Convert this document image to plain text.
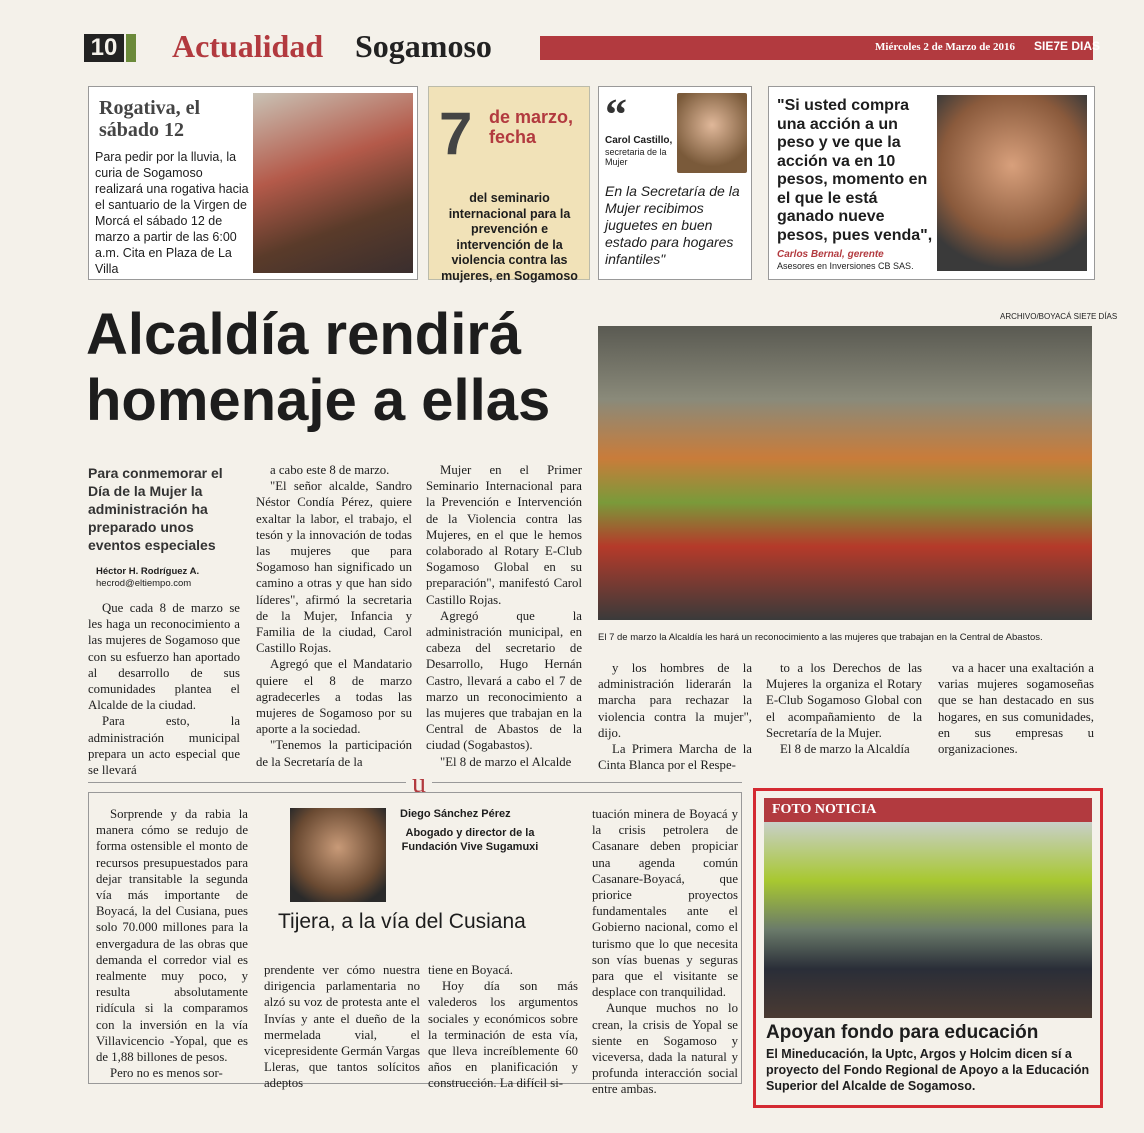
10 Actualidad Sogamoso	Miércoles 2 de Marzo de 2016 SIE7E DIAS
Rogativa, el sábado 12
Para pedir por la lluvia, la curia de Sogamoso realizará una rogativa hacia el santuario de la Virgen de Morcá el sábado 12 de marzo a partir de las 6:00 a.m. Cita en Plaza de La Villa
7 de marzo, fecha
del seminario internacional para la prevención e intervención de la violencia contra las mujeres, en Sogamoso
“
Carol Castillo,
secretaria de la Mujer
En la Secretaría de la Mujer recibimos juguetes en buen estado para hogares infantiles"
"Si usted compra una acción a un peso y ve que la acción va en 10 pesos, momento en el que le está ganado nueve pesos, pues venda",
Carlos Bernal, gerente
Asesores en Inversiones CB SAS.
Alcaldía rendirá
homenaje a ellas
ARCHIVO/BOYACÁ SIE7E DÍAS
El 7 de marzo la Alcaldía les hará un reconocimiento a las mujeres que trabajan en la Central de Abastos.
Para conmemorar el Día de la Mujer la administración ha preparado unos eventos especiales
Héctor H. Rodríguez A.
hecrod@eltiempo.com

Que cada 8 de marzo se les haga un reconocimiento a las mujeres de Sogamoso que con su esfuerzo han aportado al desarrollo de sus comunidades plantea el Alcalde de la ciudad.

Para esto, la administración municipal prepara un acto especial que se llevará

a cabo este 8 de marzo.

"El señor alcalde, Sandro Néstor Condía Pérez, quiere exaltar la labor, el trabajo, el tesón y la innovación de todas las mujeres que para Sogamoso han significado un camino a otras y que han sido líderes", afirmó la secretaria de la Mujer, Infancia y Familia de la ciudad, Carol Castillo Rojas.

Agregó que el Mandatario quiere el 8 de marzo agradecerles a todas las mujeres de Sogamoso por su aporte a la sociedad.

"Tenemos la participación de la Secretaría de la

Mujer en el Primer Seminario Internacional para la Prevención e Intervención de la Violencia contra las Mujeres, en el que le hemos colaborado al Rotary E-Club Sogamoso Global en su preparación", manifestó Carol Castillo Rojas.

Agregó que la administración municipal, en cabeza del secretario de Desarrollo, Hugo Hernán Castro, llevará a cabo el 7 de marzo un reconocimiento a las mujeres que trabajan en la Central de Abastos de la ciudad (Sogabastos).

"El 8 de marzo el Alcalde

y los hombres de la administración liderarán la marcha para rechazar la violencia contra la mujer", dijo.

La Primera Marcha de la Cinta Blanca por el Respe-

to a los Derechos de las Mujeres la organiza el Rotary E-Club Sogamoso Global con el acompañamiento de la Secretaría de la Mujer.

El 8 de marzo la Alcaldía

va a hacer una exaltación a varias mujeres sogamoseñas que se han destacado en sus hogares, en sus comunidades, en sus empresas u organizaciones.

u

Sorprende y da rabia la manera cómo se redujo de forma ostensible el monto de recursos presupuestados para dejar transitable la segunda vía más importante de Boyacá, la del Cusiana, pues solo 70.000 millones para la envergadura de las obras que demanda el corredor vial es realmente muy poco, y resulta absolutamente ridícula si la comparamos con la inversión en la vía Villavicencio -Yopal, que es de 1,88 billones de pesos.

Pero no es menos sor-

Diego Sánchez Pérez
Abogado y director de la Fundación Vive Sugamuxi
Tijera, a la vía del Cusiana

prendente ver cómo nuestra dirigencia parlamentaria no alzó su voz de protesta ante el Invías y ante el dueño de la mermelada vial, el vicepresidente Germán Vargas Lleras, que tantos solícitos adeptos

tiene en Boyacá.

Hoy día son más valederos los argumentos sociales y económicos sobre la terminación de esta vía, que lleva increíblemente 60 años en planificación y construcción. La difícil si-

tuación minera de Boyacá y la crisis petrolera de Casanare deben propiciar una agenda común Casanare-Boyacá, que priorice proyectos fundamentales ante el Gobierno nacional, como el turismo que lo que necesita son vías buenas y seguras para que el visitante se desplace con tranquilidad.

Aunque muchos no lo crean, la crisis de Yopal se siente en Sogamoso y viceversa, dada la natural y profunda interacción social entre ambas.

FOTO NOTICIA
Apoyan fondo para educación
El Mineducación, la Uptc, Argos y Holcim dicen sí a proyecto del Fondo Regional de Apoyo a la Educación Superior del Alcalde de Sogamoso.
